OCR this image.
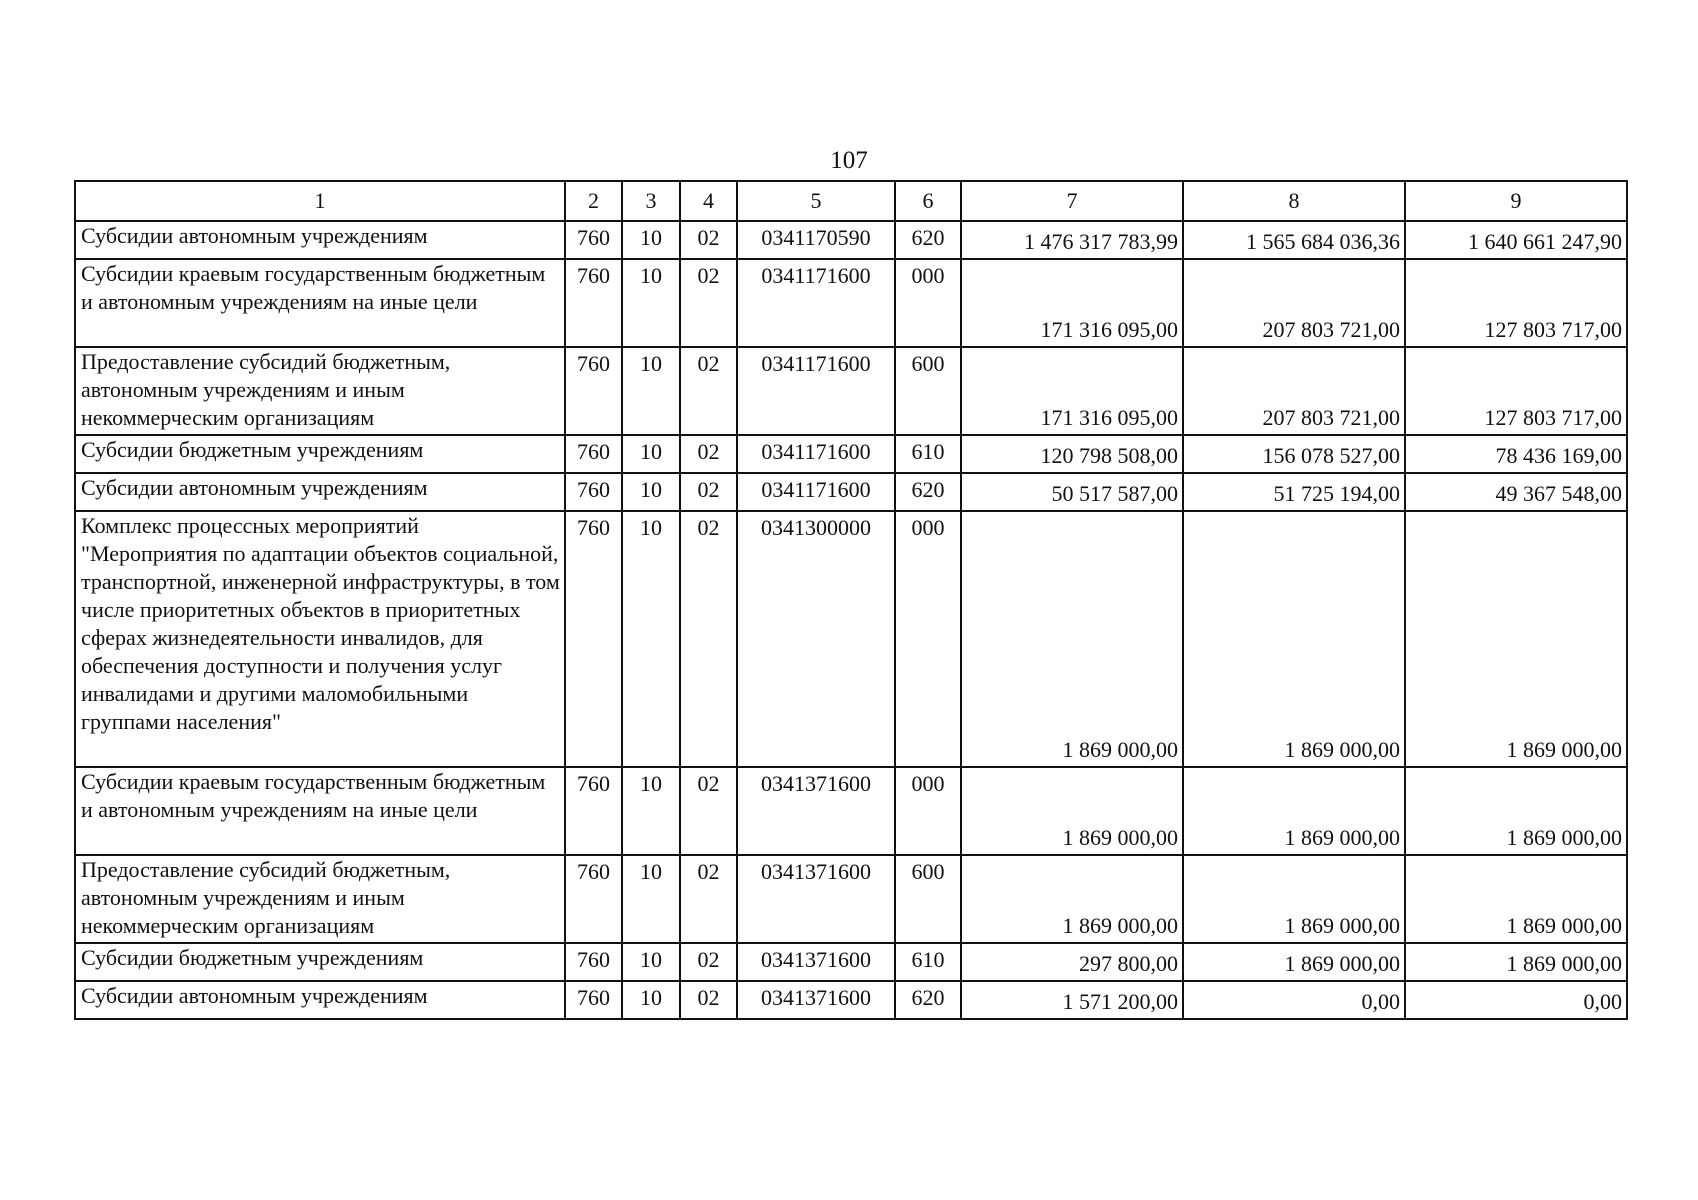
107
1	2	3	4	5	6	7	8	9
Субсидии автономным учреждениям	760	10	02	0341170590	620	1 476 317 783,99	1 565 684 036,36	1 640 661 247,90
Субсидии краевым государственным бюджетным и автономным учреждениям на иные цели	760	10	02	0341171600	000	171 316 095,00	207 803 721,00	127 803 717,00
Предоставление субсидий бюджетным, автономным учреждениям и иным некоммерческим организациям	760	10	02	0341171600	600	171 316 095,00	207 803 721,00	127 803 717,00
Субсидии бюджетным учреждениям	760	10	02	0341171600	610	120 798 508,00	156 078 527,00	78 436 169,00
Субсидии автономным учреждениям	760	10	02	0341171600	620	50 517 587,00	51 725 194,00	49 367 548,00
Комплекс процессных мероприятий "Мероприятия по адаптации объектов социальной, транспортной, инженерной инфраструктуры, в том числе приоритетных объектов в приоритетных сферах жизнедеятельности инвалидов, для обеспечения доступности и получения услуг инвалидами и другими маломобильными группами населения"	760	10	02	0341300000	000	1 869 000,00	1 869 000,00	1 869 000,00
Субсидии краевым государственным бюджетным и автономным учреждениям на иные цели	760	10	02	0341371600	000	1 869 000,00	1 869 000,00	1 869 000,00
Предоставление субсидий бюджетным, автономным учреждениям и иным некоммерческим организациям	760	10	02	0341371600	600	1 869 000,00	1 869 000,00	1 869 000,00
Субсидии бюджетным учреждениям	760	10	02	0341371600	610	297 800,00	1 869 000,00	1 869 000,00
Субсидии автономным учреждениям	760	10	02	0341371600	620	1 571 200,00	0,00	0,00
